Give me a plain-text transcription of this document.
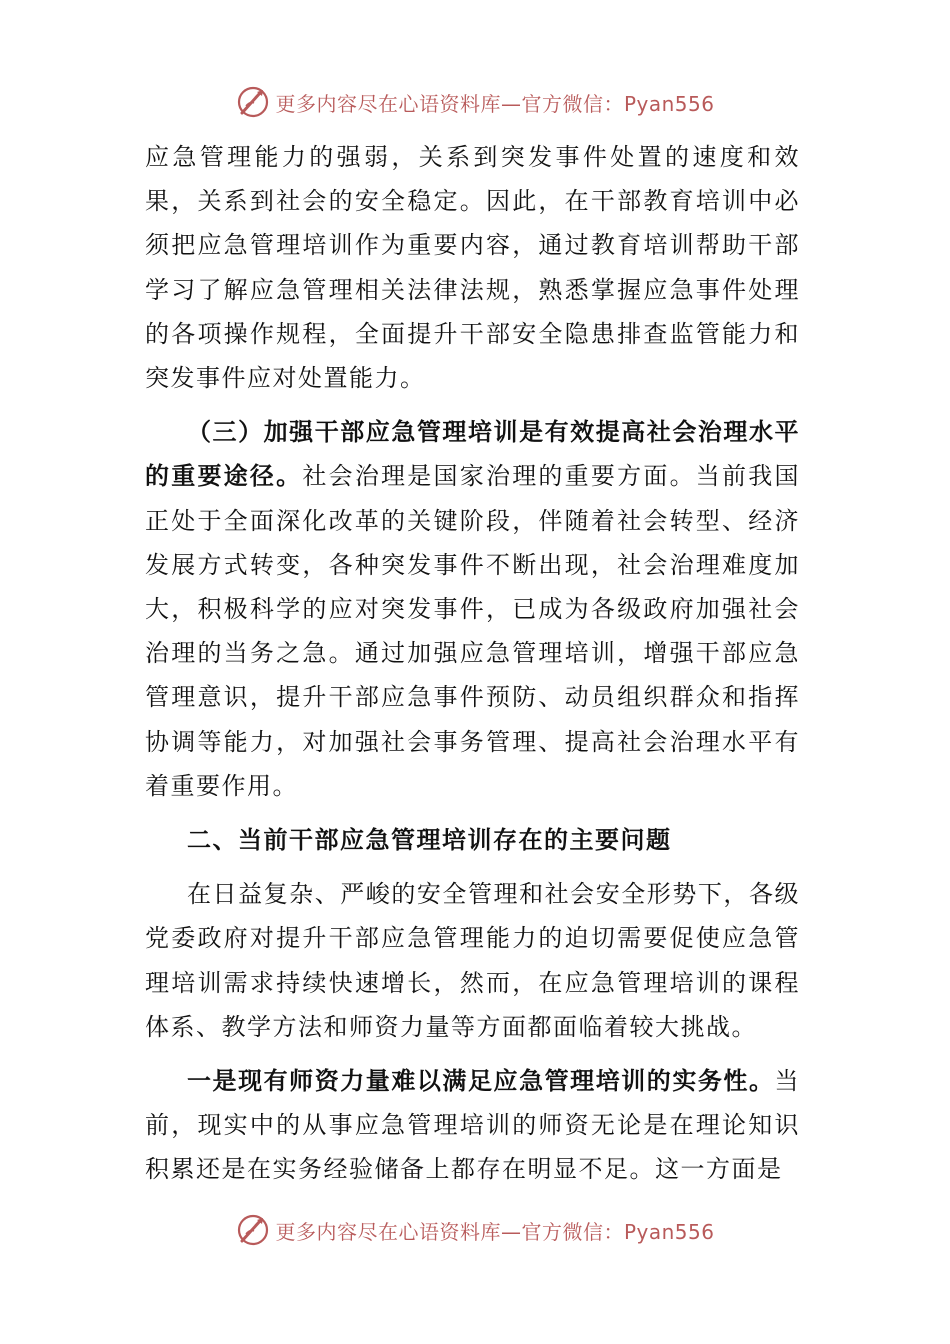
更多内容尽在心语资料库—官方微信：Pyan556

应急管理能力的强弱，关系到突发事件处置的速度和效果，关系到社会的安全稳定。因此，在干部教育培训中必须把应急管理培训作为重要内容，通过教育培训帮助干部学习了解应急管理相关法律法规，熟悉掌握应急事件处理的各项操作规程，全面提升干部安全隐患排查监管能力和突发事件应对处置能力。

（三）加强干部应急管理培训是有效提高社会治理水平的重要途径。社会治理是国家治理的重要方面。当前我国正处于全面深化改革的关键阶段，伴随着社会转型、经济发展方式转变，各种突发事件不断出现，社会治理难度加大，积极科学的应对突发事件，已成为各级政府加强社会治理的当务之急。通过加强应急管理培训，增强干部应急管理意识，提升干部应急事件预防、动员组织群众和指挥协调等能力，对加强社会事务管理、提高社会治理水平有着重要作用。

二、当前干部应急管理培训存在的主要问题

在日益复杂、严峻的安全管理和社会安全形势下，各级党委政府对提升干部应急管理能力的迫切需要促使应急管理培训需求持续快速增长，然而，在应急管理培训的课程体系、教学方法和师资力量等方面都面临着较大挑战。

一是现有师资力量难以满足应急管理培训的实务性。当前，现实中的从事应急管理培训的师资无论是在理论知识积累还是在实务经验储备上都存在明显不足。这一方面是

更多内容尽在心语资料库—官方微信：Pyan556
